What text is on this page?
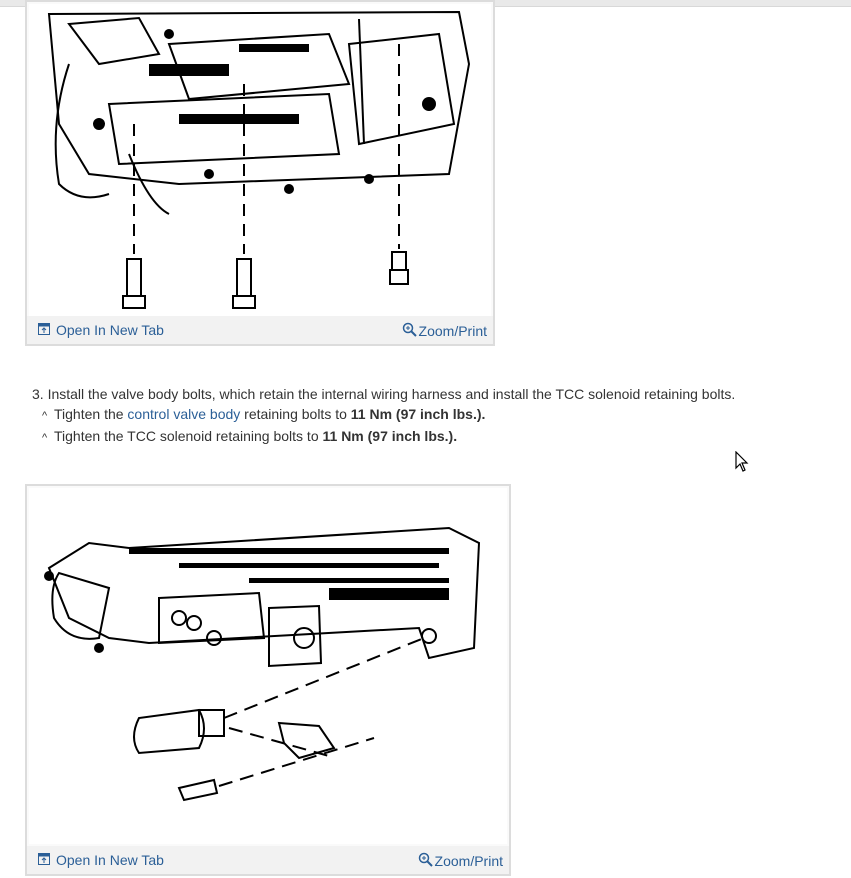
Open In New Tab	Zoom/Print
3. Install the valve body bolts, which retain the internal wiring harness and install the TCC solenoid retaining bolts.
^ Tighten the control valve body retaining bolts to 11 Nm (97 inch lbs.).
^ Tighten the TCC solenoid retaining bolts to 11 Nm (97 inch lbs.).
Open In New Tab	Zoom/Print
